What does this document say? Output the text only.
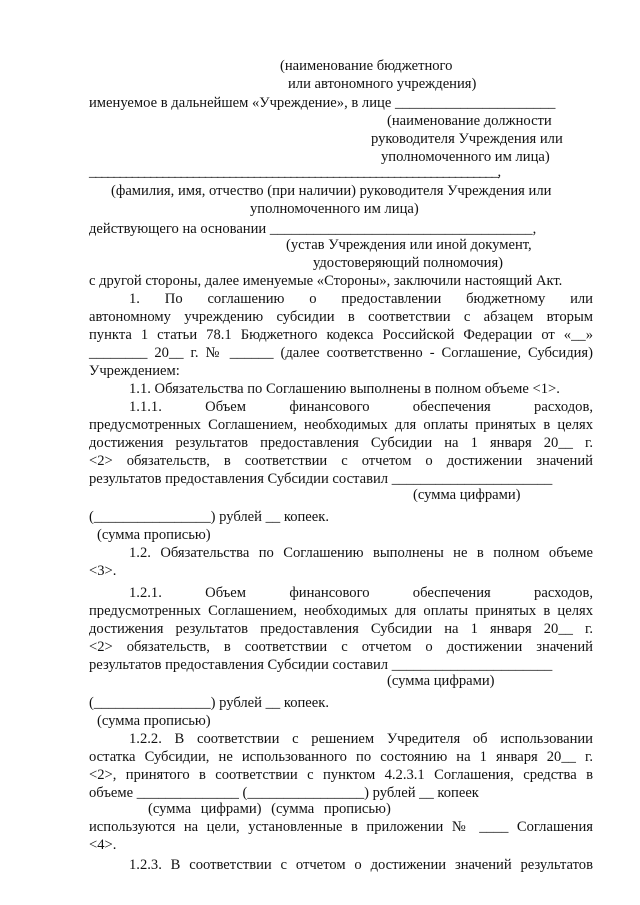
(наименование бюджетного
или автономного учреждения)
именуемое в дальнейшем «Учреждение», в лице ______________________
(наименование должности
руководителя Учреждения или
уполномоченного им лица)
___________________________________________________________________,
(фамилия, имя, отчество (при наличии) руководителя Учреждения или
уполномоченного им лица)
действующего на основании ____________________________________,
(устав Учреждения или иной документ,
удостоверяющий полномочия)
с другой стороны, далее именуемые «Стороны», заключили настоящий Акт.
1. По соглашению о предоставлении бюджетному или
автономному учреждению субсидии в соответствии с абзацем вторым
пункта 1 статьи 78.1 Бюджетного кодекса Российской Федерации от «__»
________ 20__ г. № ______ (далее соответственно - Соглашение, Субсидия)
Учреждением:
1.1. Обязательства по Соглашению выполнены в полном объеме <1>.
1.1.1. Объем финансового обеспечения расходов,
предусмотренных Соглашением, необходимых для оплаты принятых в целях
достижения результатов предоставления Субсидии на 1 января 20__ г.
<2> обязательств, в соответствии с отчетом о достижении значений
результатов предоставления Субсидии составил ______________________
(сумма цифрами)
(________________) рублей __ копеек.
(сумма прописью)
1.2. Обязательства по Соглашению выполнены не в полном объеме
<3>.
1.2.1. Объем финансового обеспечения расходов,
предусмотренных Соглашением, необходимых для оплаты принятых в целях
достижения результатов предоставления Субсидии на 1 января 20__ г.
<2> обязательств, в соответствии с отчетом о достижении значений
результатов предоставления Субсидии составил ______________________
(сумма цифрами)
(________________) рублей __ копеек.
(сумма прописью)
1.2.2. В соответствии с решением Учредителя об использовании
остатка Субсидии, не использованного по состоянию на 1 января 20__ г.
<2>, принятого в соответствии с пунктом 4.2.3.1 Соглашения, средства в
объеме ______________ (________________) рублей __ копеек
(сумма цифрами) (сумма прописью)
используются на цели, установленные в приложении № ____ Соглашения
<4>.
1.2.3. В соответствии с отчетом о достижении значений результатов
